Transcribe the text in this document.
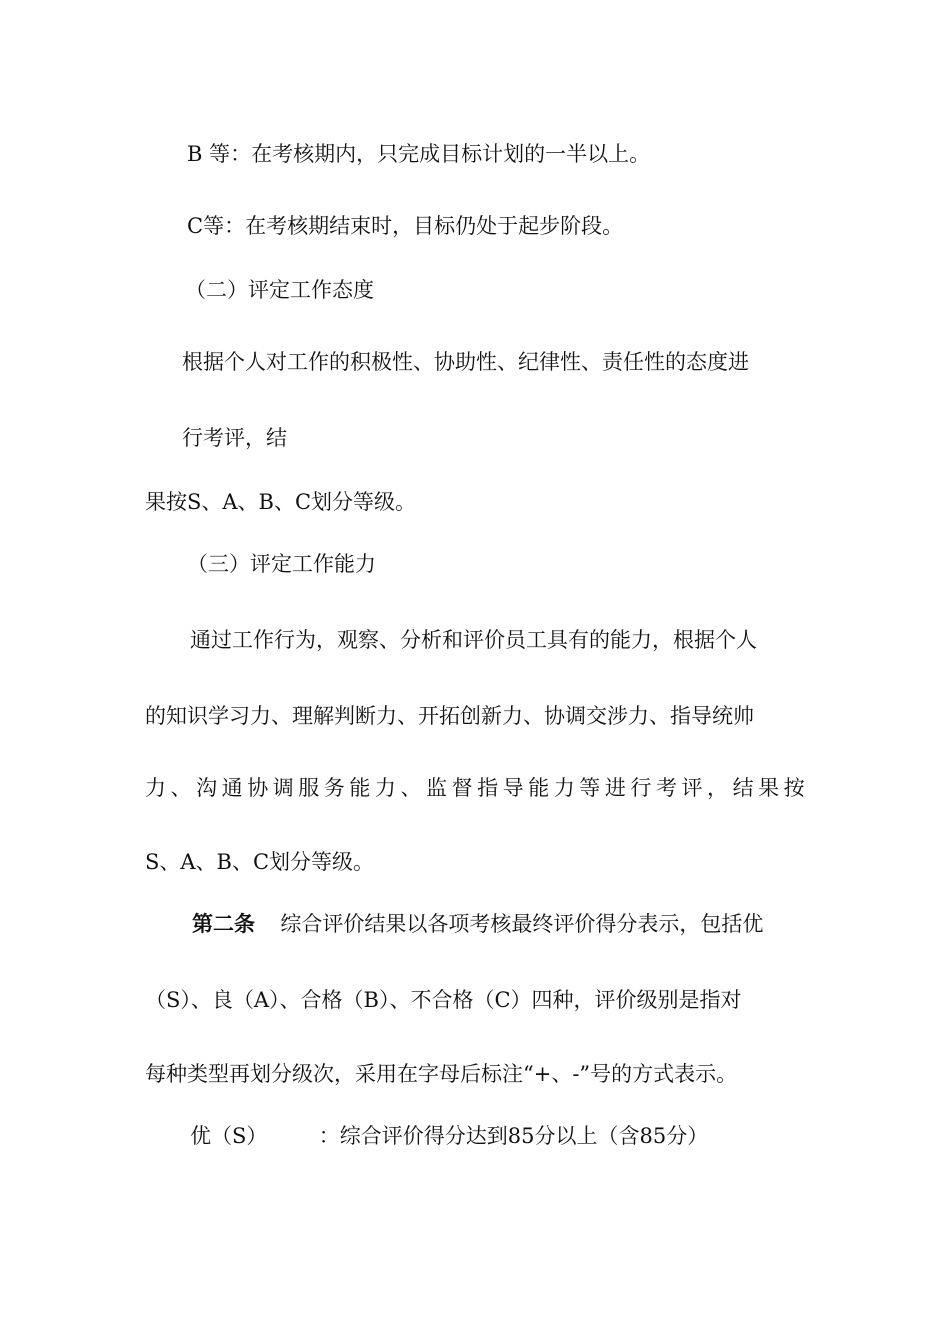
B 等：在考核期内，只完成目标计划的一半以上。

C等：在考核期结束时，目标仍处于起步阶段。

（二）评定工作态度

根据个人对工作的积极性、协助性、纪律性、责任性的态度进

行考评，结

果按S、A、B、C划分等级。

（三）评定工作能力

通过工作行为，观察、分析和评价员工具有的能力，根据个人

的知识学习力、理解判断力、开拓创新力、协调交涉力、指导统帅

力 、 沟 通 协 调 服 务 能 力 、 监 督 指 导 能 力 等 进 行 考 评 ， 结 果 按

S、A、B、C划分等级。

第二条 综合评价结果以各项考核最终评价得分表示，包括优

（S）、良（A）、合格（B）、不合格（C）四种，评价级别是指对

每种类型再划分级次，采用在字母后标注“+、-”号的方式表示。

优（S） ：综合评价得分达到85分以上（含85分）
